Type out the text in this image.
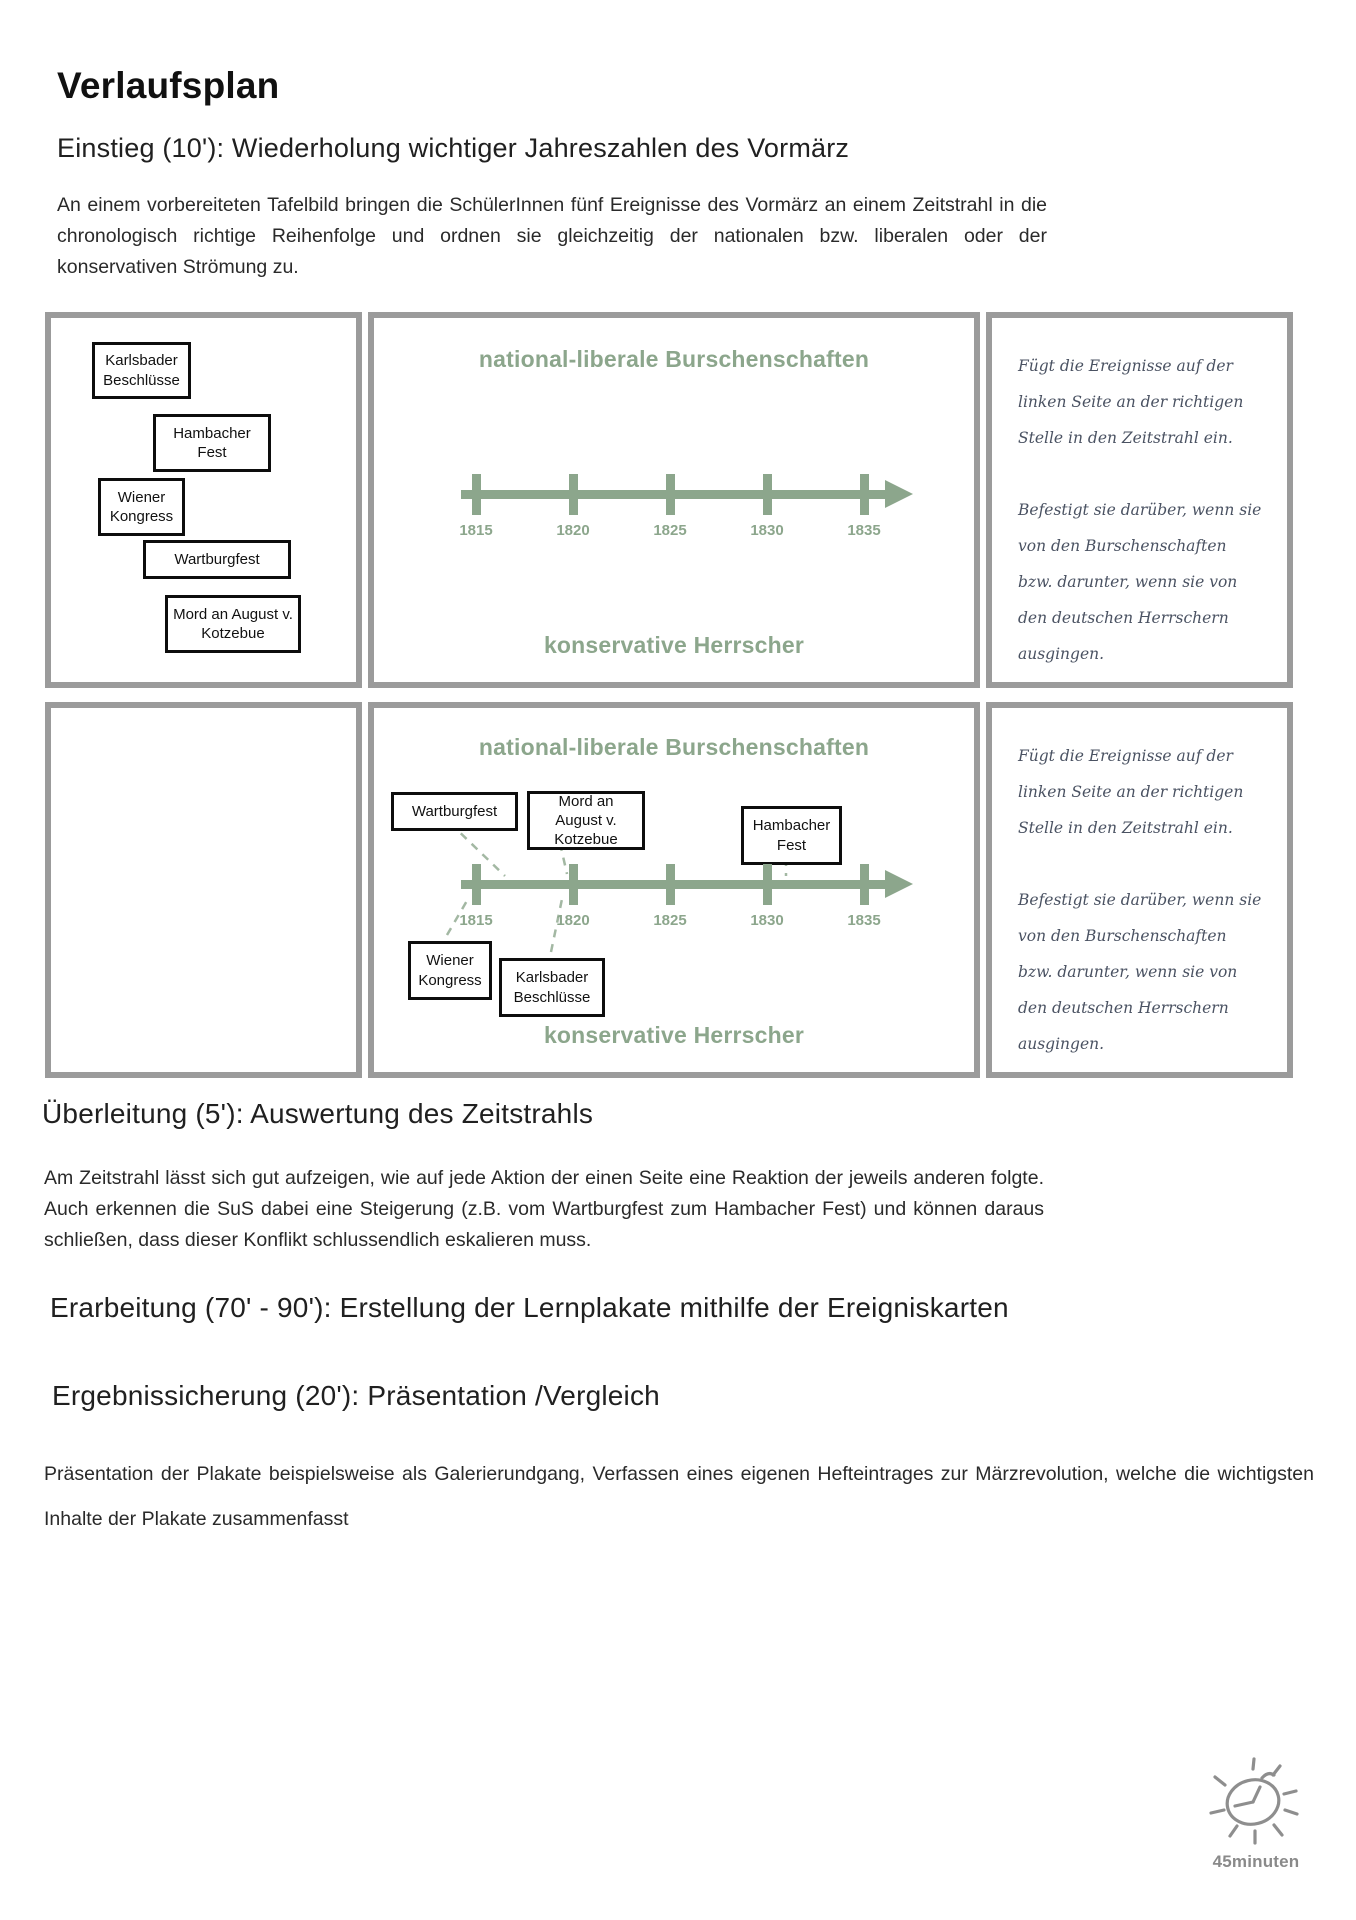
Verlaufsplan
Einstieg (10'): Wiederholung wichtiger Jahreszahlen des Vormärz
An einem vorbereiteten Tafelbild bringen die SchülerInnen fünf Ereignisse des Vormärz an einem Zeitstrahl in die chronologisch richtige Reihenfolge und ordnen sie gleichzeitig der nationalen bzw. liberalen oder der konservativen Strömung zu.
Karlsbader Beschlüsse
Hambacher Fest
Wiener Kongress
Wartburgfest
Mord an August v. Kotzebue
national-liberale Burschenschaften
1815	1820	1825	1830	1835
konservative Herrscher

Fügt die Ereignisse auf der linken Seite an der richtigen Stelle in den Zeitstrahl ein.

Befestigt sie darüber, wenn sie von den Burschenschaften bzw. darunter, wenn sie von den deutschen Herrschern ausgingen.

national-liberale Burschenschaften
Wartburgfest
Mord an August v. Kotzebue
Hambacher Fest
1815	1820	1825	1830	1835
Wiener Kongress	Karlsbader Beschlüsse
konservative Herrscher

Fügt die Ereignisse auf der linken Seite an der richtigen Stelle in den Zeitstrahl ein.

Befestigt sie darüber, wenn sie von den Burschenschaften bzw. darunter, wenn sie von den deutschen Herrschern ausgingen.

Überleitung (5'): Auswertung des Zeitstrahls
Am Zeitstrahl lässt sich gut aufzeigen, wie auf jede Aktion der einen Seite eine Reaktion der jeweils anderen folgte. Auch erkennen die SuS dabei eine Steigerung (z.B. vom Wartburgfest zum Hambacher Fest) und können daraus schließen, dass dieser Konflikt schlussendlich eskalieren muss.
Erarbeitung (70' - 90'): Erstellung der Lernplakate mithilfe der Ereigniskarten
Ergebnissicherung (20'): Präsentation /Vergleich
Präsentation der Plakate beispielsweise als Galerierundgang, Verfassen eines eigenen Hefteintrages zur Märzrevolution, welche die wichtigsten Inhalte der Plakate zusammenfasst
45minuten
